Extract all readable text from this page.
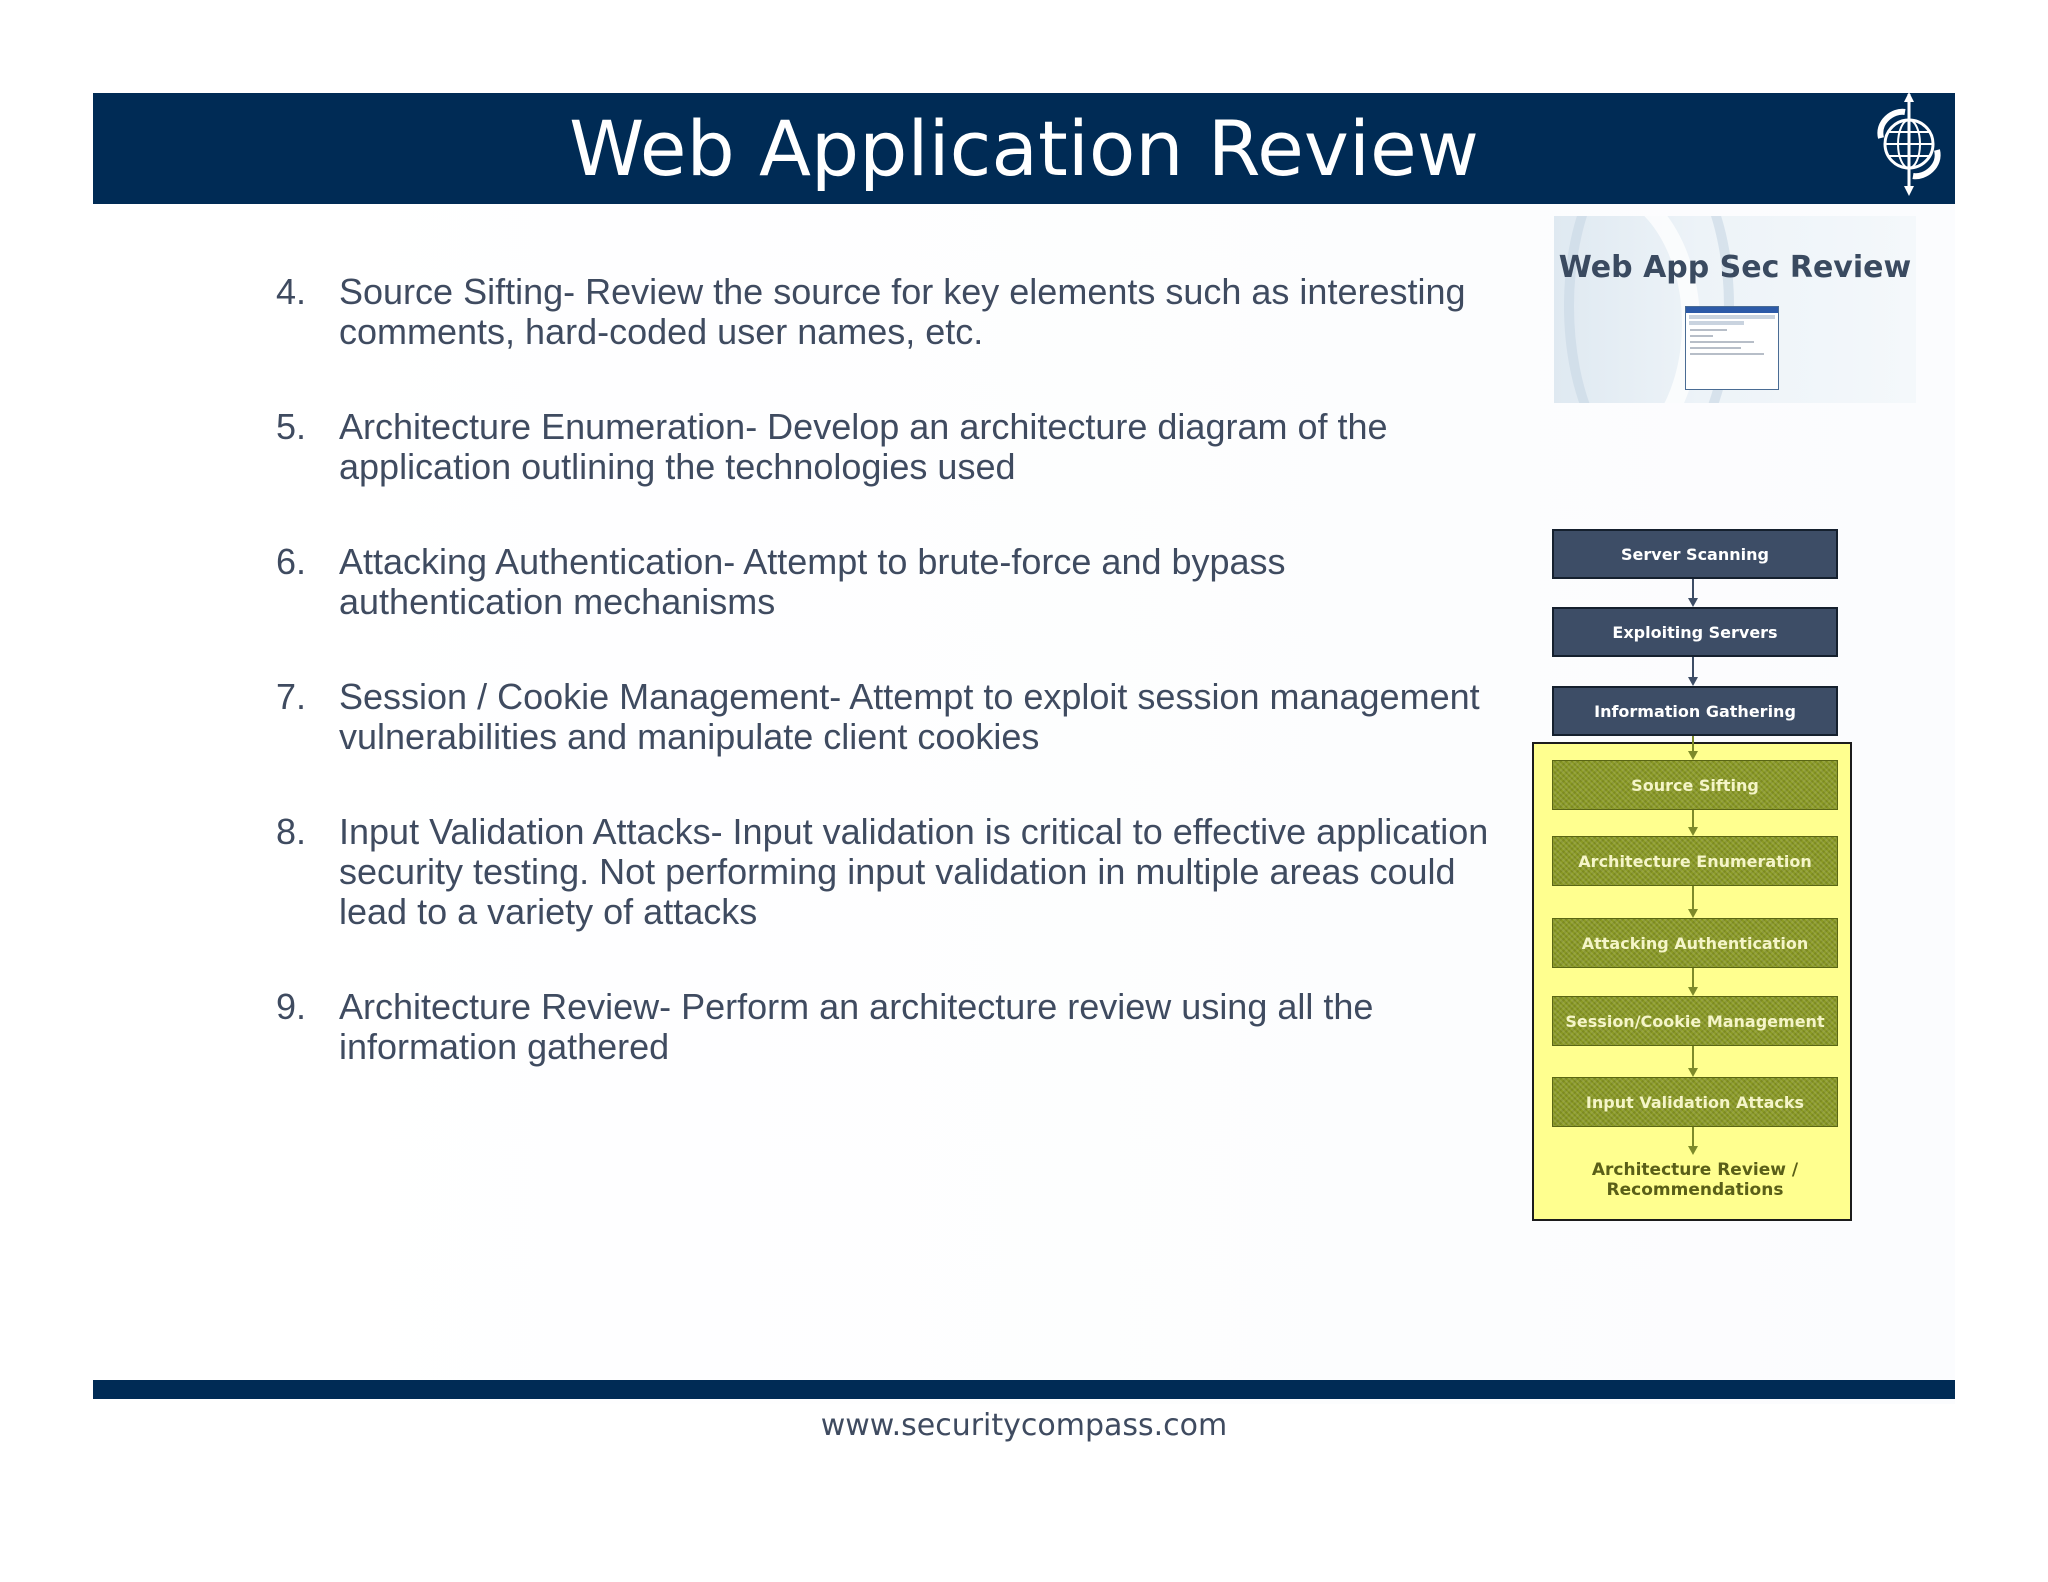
Web Application Review
4. Source Sifting- Review the source for key elements such as interesting comments, hard-coded user names, etc.
5. Architecture Enumeration- Develop an architecture diagram of the application outlining the technologies used
6. Attacking Authentication- Attempt to brute-force and bypass authentication mechanisms
7. Session / Cookie Management- Attempt to exploit session management vulnerabilities and manipulate client cookies
8. Input Validation Attacks- Input validation is critical to effective application security testing. Not performing input validation in multiple areas could lead to a variety of attacks
9. Architecture Review- Perform an architecture review using all the information gathered
Web App Sec Review
Server Scanning
Exploiting Servers
Information Gathering
Source Sifting
Architecture Enumeration
Attacking Authentication
Session/Cookie Management
Input Validation Attacks
Architecture Review /
Recommendations
www.securitycompass.com
